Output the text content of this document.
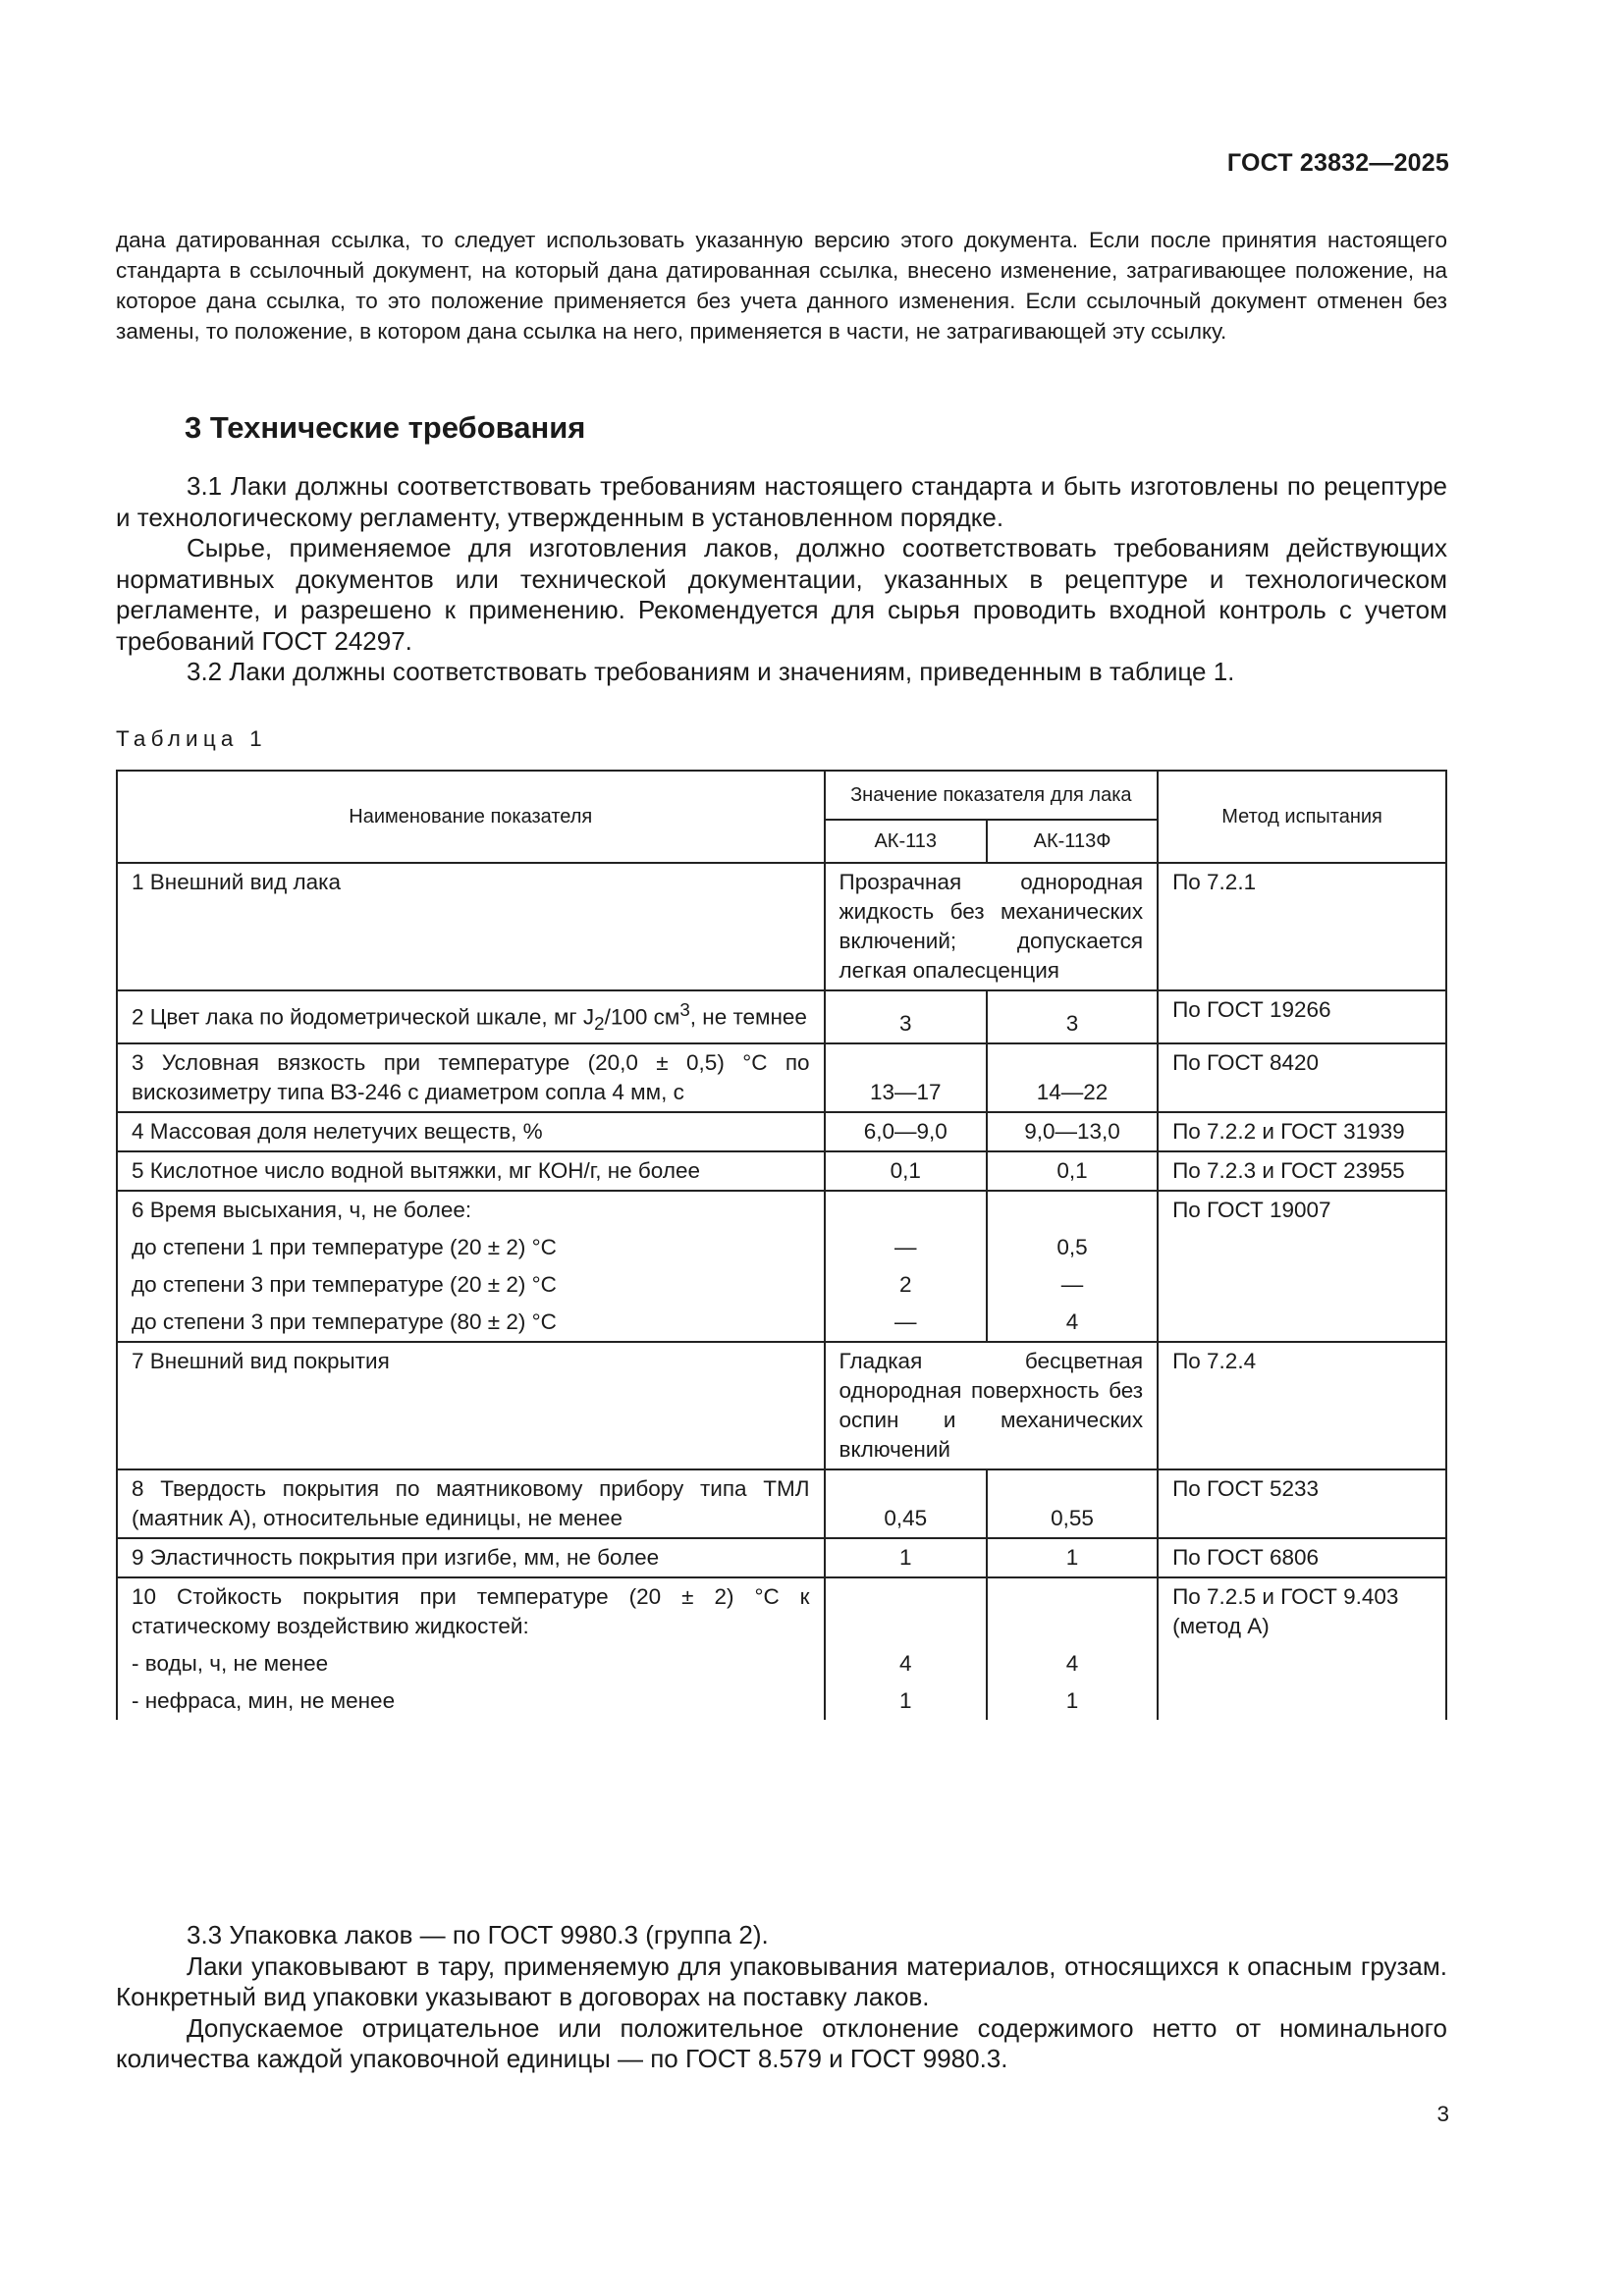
ГОСТ 23832—2025

дана датированная ссылка, то следует использовать указанную версию этого документа. Если после принятия настоящего стандарта в ссылочный документ, на который дана датированная ссылка, внесено изменение, затрагивающее положение, на которое дана ссылка, то это положение применяется без учета данного изменения. Если ссылочный документ отменен без замены, то положение, в котором дана ссылка на него, применяется в части, не затрагивающей эту ссылку.

3 Технические требования

3.1 Лаки должны соответствовать требованиям настоящего стандарта и быть изготовлены по рецептуре и технологическому регламенту, утвержденным в установленном порядке.

Сырье, применяемое для изготовления лаков, должно соответствовать требованиям действующих нормативных документов или технической документации, указанных в рецептуре и технологическом регламенте, и разрешено к применению. Рекомендуется для сырья проводить входной контроль с учетом требований ГОСТ 24297.

3.2 Лаки должны соответствовать требованиям и значениям, приведенным в таблице 1.

Таблица 1
Наименование показателя	Значение показателя для лака		Метод испытания
	АК-113	АК-113Ф	
1 Внешний вид лака	Прозрачная однородная жидкость без механических включений; допускается легкая опалесценция		По 7.2.1
2 Цвет лака по йодометрической шкале, мг $J_2/100$ $см^3$, не темнее	3	3	По ГОСТ 19266
3 Условная вязкость при температуре (20,0 ± 0,5) °С по вискозиметру типа ВЗ-246 с диаметром сопла 4 мм, с	13—17	14—22	По ГОСТ 8420
4 Массовая доля нелетучих веществ, %	6,0—9,0	9,0—13,0	По 7.2.2 и ГОСТ 31939
5 Кислотное число водной вытяжки, мг КОН/г, не более	0,1	0,1	По 7.2.3 и ГОСТ 23955
6 Время высыхания, ч, не более:			По ГОСТ 19007
до степени 1 при температуре (20 ± 2) °С	—	0,5	
до степени 3 при температуре (20 ± 2) °С	2	—	
до степени 3 при температуре (80 ± 2) °С	—	4	
7 Внешний вид покрытия	Гладкая бесцветная однородная поверхность без оспин и механических включений		По 7.2.4
8 Твердость покрытия по маятниковому прибору типа ТМЛ (маятник А), относительные единицы, не менее	0,45	0,55	По ГОСТ 5233
9 Эластичность покрытия при изгибе, мм, не более	1	1	По ГОСТ 6806
10 Стойкость покрытия при температуре (20 ± 2) °С к статическому воздействию жидкостей:			По 7.2.5 и ГОСТ 9.403 (метод А)
- воды, ч, не менее	4	4	
- нефраса, мин, не менее	1	1	

3.3 Упаковка лаков — по ГОСТ 9980.3 (группа 2).

Лаки упаковывают в тару, применяемую для упаковывания материалов, относящихся к опасным грузам. Конкретный вид упаковки указывают в договорах на поставку лаков.

Допускаемое отрицательное или положительное отклонение содержимого нетто от номинального количества каждой упаковочной единицы — по ГОСТ 8.579 и ГОСТ 9980.3.

3
